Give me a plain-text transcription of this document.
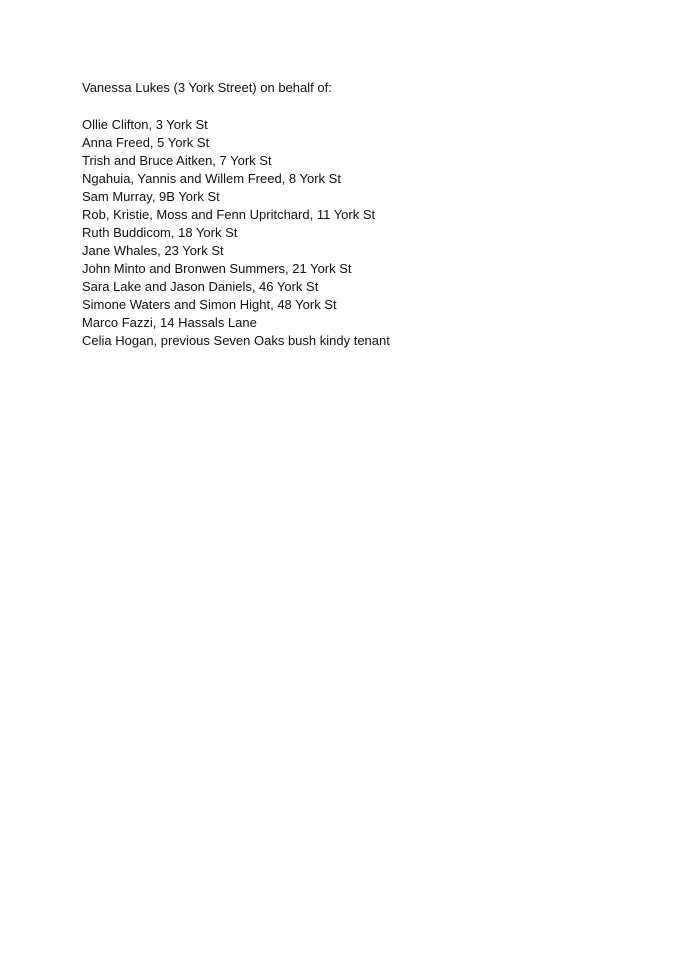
Vanessa Lukes (3 York Street) on behalf of:

Ollie Clifton, 3 York St
Anna Freed, 5 York St
Trish and Bruce Aitken, 7 York St
Ngahuia, Yannis and Willem Freed, 8 York St
Sam Murray, 9B York St
Rob, Kristie, Moss and Fenn Upritchard, 11 York St
Ruth Buddicom, 18 York St
Jane Whales, 23 York St
John Minto and Bronwen Summers, 21 York St
Sara Lake and Jason Daniels, 46 York St
Simone Waters and Simon Hight, 48 York St
Marco Fazzi, 14 Hassals Lane
Celia Hogan, previous Seven Oaks bush kindy tenant
